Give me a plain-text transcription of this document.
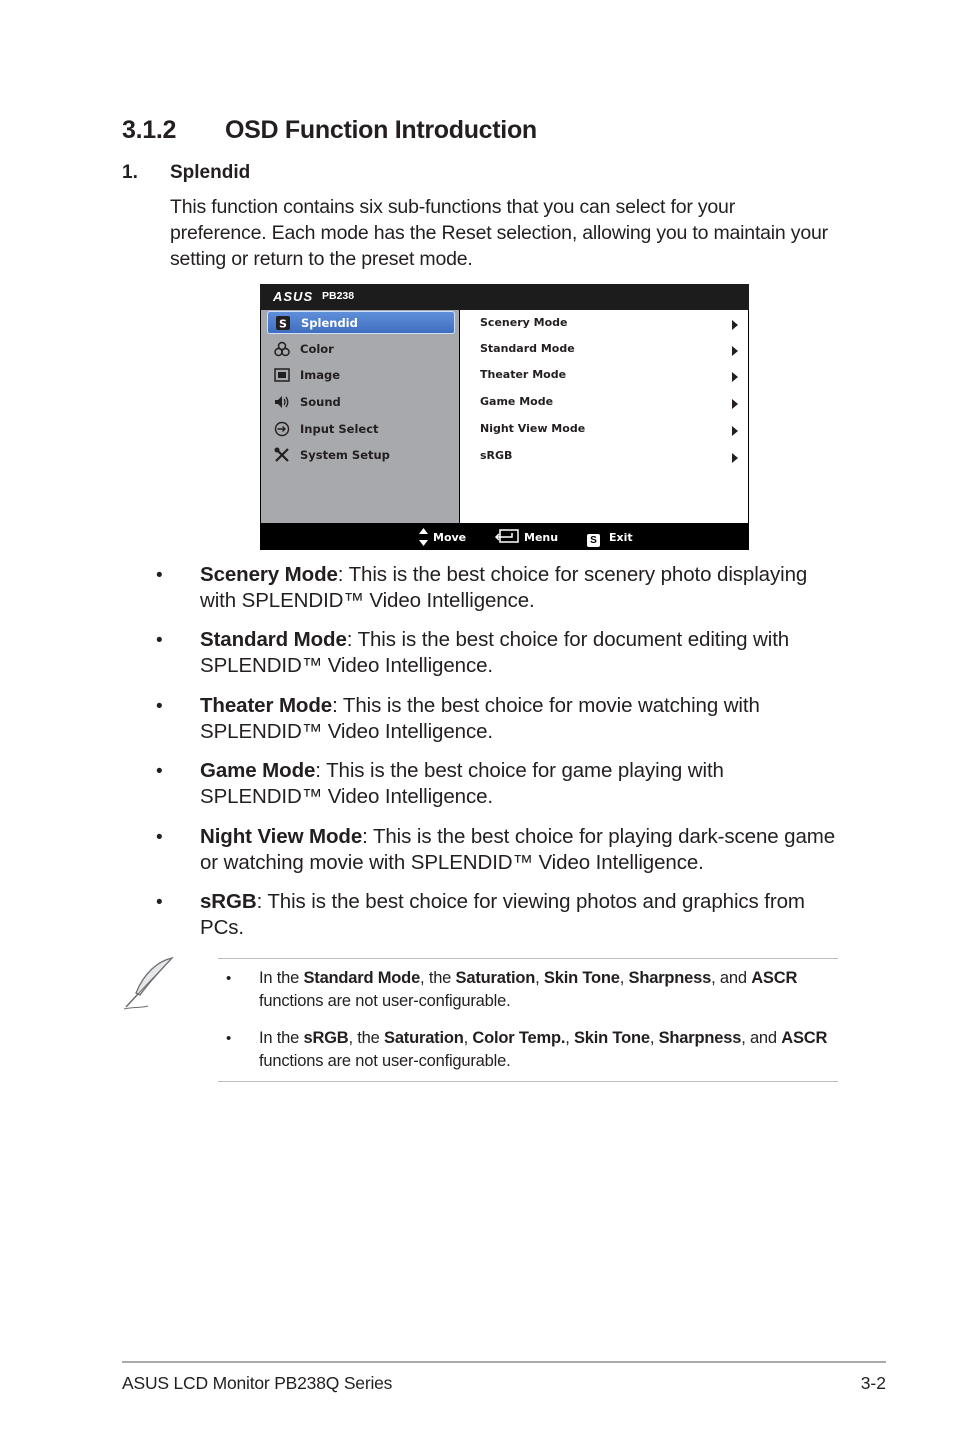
3.1.2 OSD Function Introduction
1. Splendid
This function contains six sub-functions that you can select for your preference. Each mode has the Reset selection, allowing you to maintain your setting or return to the preset mode.
ASUS PB238
S Splendid
Color
Image
Sound
Input Select
System Setup
Scenery Mode
Standard Mode
Theater Mode
Game Mode
Night View Mode
sRGB
Move	Menu	S Exit
• Scenery Mode: This is the best choice for scenery photo displaying with SPLENDID™ Video Intelligence.
• Standard Mode: This is the best choice for document editing with SPLENDID™ Video Intelligence.
• Theater Mode: This is the best choice for movie watching with SPLENDID™ Video Intelligence.
• Game Mode: This is the best choice for game playing with SPLENDID™ Video Intelligence.
• Night View Mode: This is the best choice for playing dark-scene game or watching movie with SPLENDID™ Video Intelligence.
• sRGB: This is the best choice for viewing photos and graphics from PCs.
• In the Standard Mode, the Saturation, Skin Tone, Sharpness, and ASCR functions are not user-configurable.
• In the sRGB, the Saturation, Color Temp., Skin Tone, Sharpness, and ASCR functions are not user-configurable.
ASUS LCD Monitor PB238Q Series	3-2
